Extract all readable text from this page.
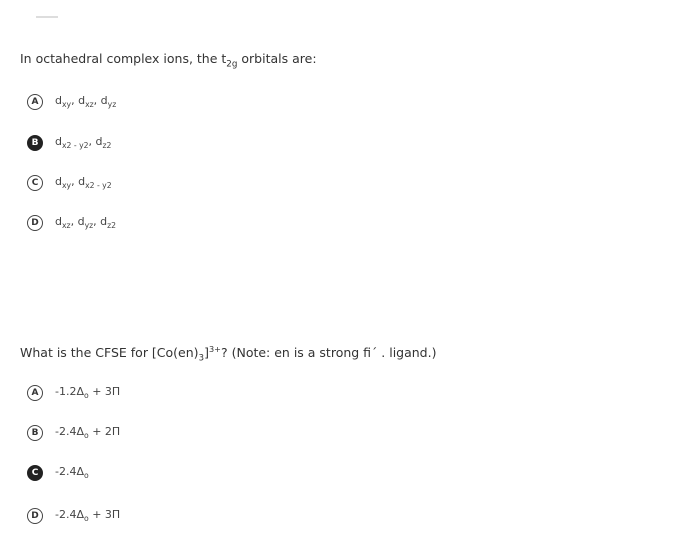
In octahedral complex ions, the $t_{2g}$ orbitals are:
A	$d_{xy}$, $d_{xz}$, $d_{yz}$
B	$d_{x2 - y2}$, $d_{z2}$
C	$d_{xy}$, $d_{x2 - y2}$
D	$d_{xz}$, $d_{yz}$, $d_{z2}$
What is the CFSE for $[Co(en)_3]^{3+}$? (Note: en is a strong fi´ . ligand.)
A	$-1.2\Delta_o + 3\Pi$
B	$-2.4\Delta_o + 2\Pi$
C	$-2.4\Delta_o$
D	$-2.4\Delta_o + 3\Pi$
